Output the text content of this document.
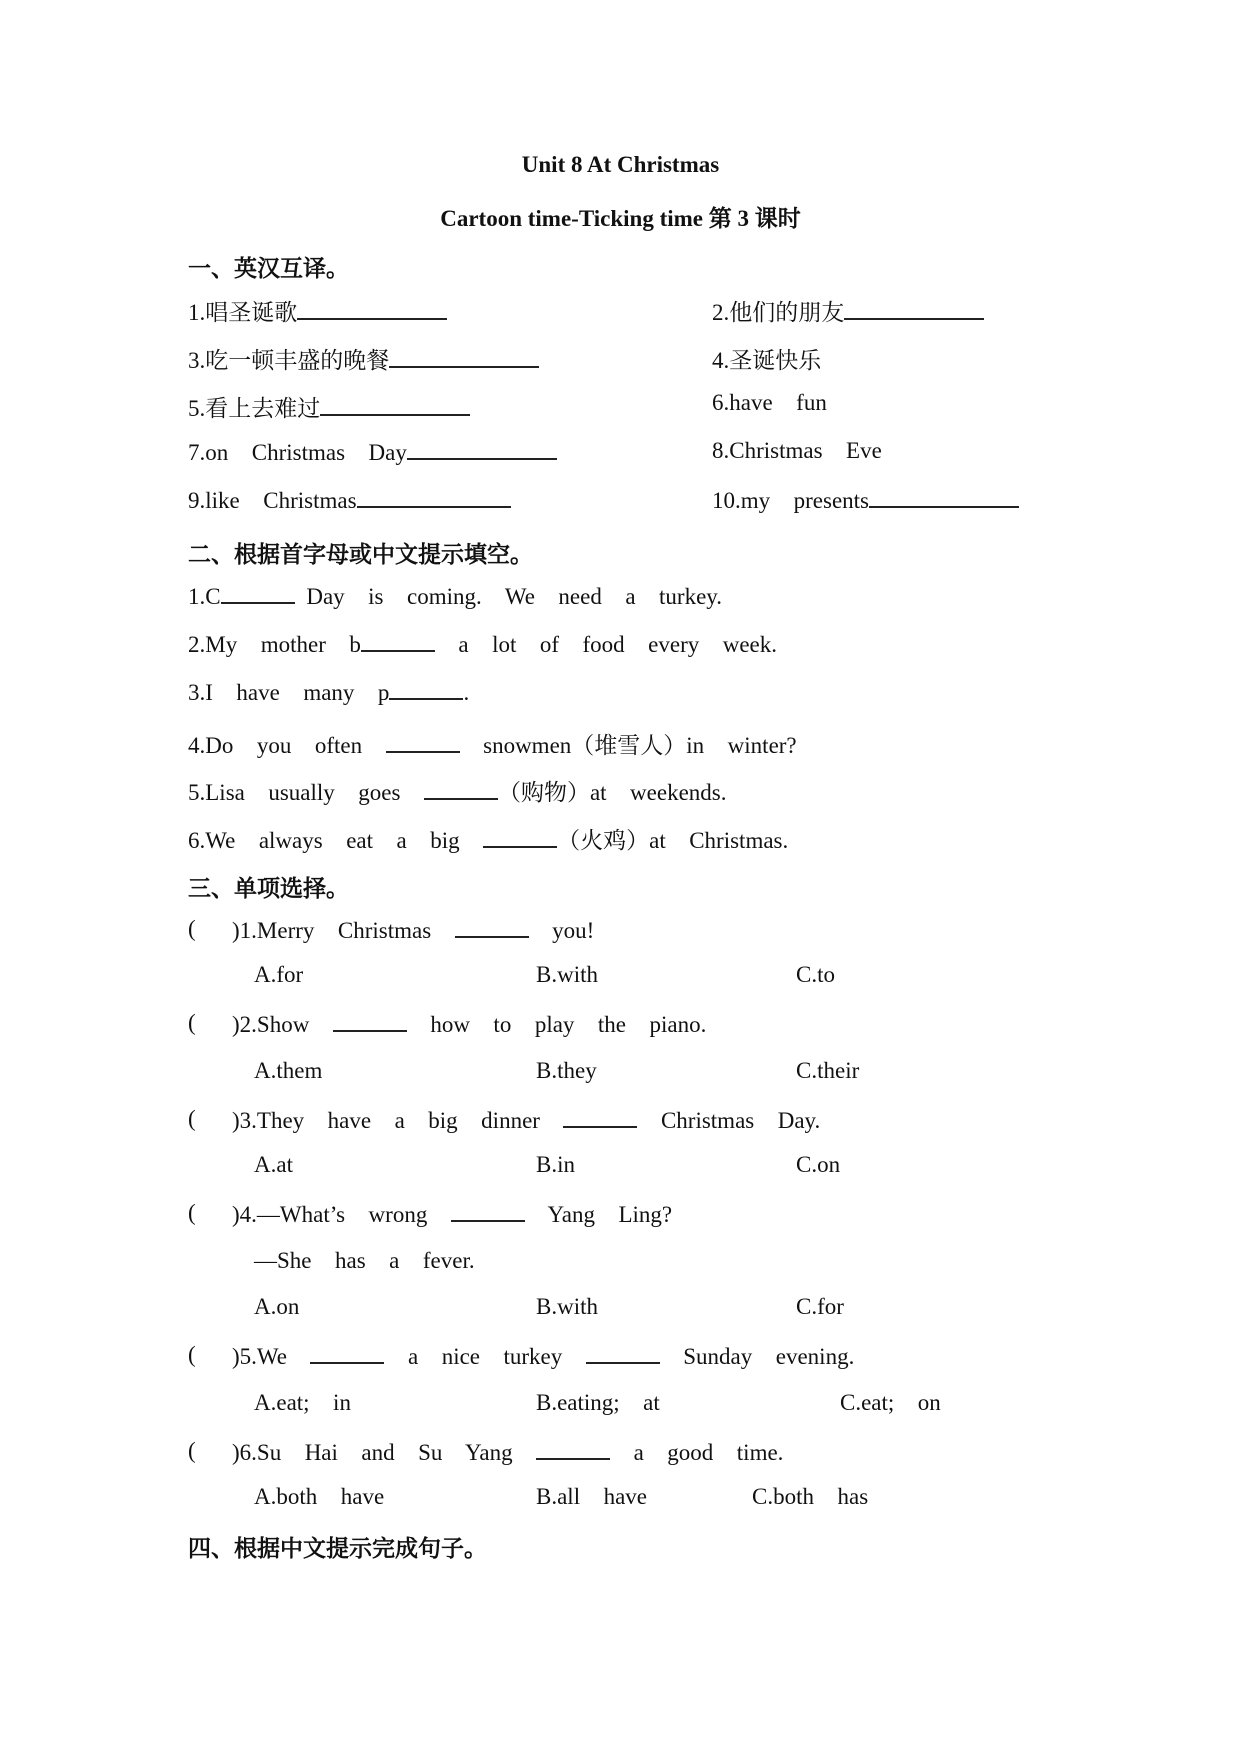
Unit 8 At Christmas
Cartoon time-Ticking time 第 3 课时
一、英汉互译。
1.唱圣诞歌	2.他们的朋友
3.吃一顿丰盛的晚餐	4.圣诞快乐
5.看上去难过	6.have  fun
7.on  Christmas  Day	8.Christmas  Eve
9.like  Christmas	10.my  presents
二、根据首字母或中文提示填空。
1.C	Day  is  coming.  We  need  a  turkey.
2.My  mother  b	a  lot  of  food  every  week.
3.I  have  many  p	.
4.Do  you  often	snowmen（堆雪人）in  winter?
5.Lisa  usually  goes	（购物）at  weekends.
6.We  always  eat  a  big	（火鸡）at  Christmas.
三、单项选择。
( )1.Merry  Christmas	you!
A.for	B.with	C.to
( )2.Show	how  to  play  the  piano.
A.them	B.they	C.their
( )3.They  have  a  big  dinner	Christmas  Day.
A.at	B.in	C.on
( )4.—What’s  wrong	Yang  Ling?
—She  has  a  fever.
A.on	B.with	C.for
( )5.We	a  nice  turkey	Sunday  evening.
A.eat;  in	B.eating;  at	C.eat;  on
( )6.Su  Hai  and  Su  Yang	a  good  time.
A.both  have	B.all  have	C.both  has
四、根据中文提示完成句子。
